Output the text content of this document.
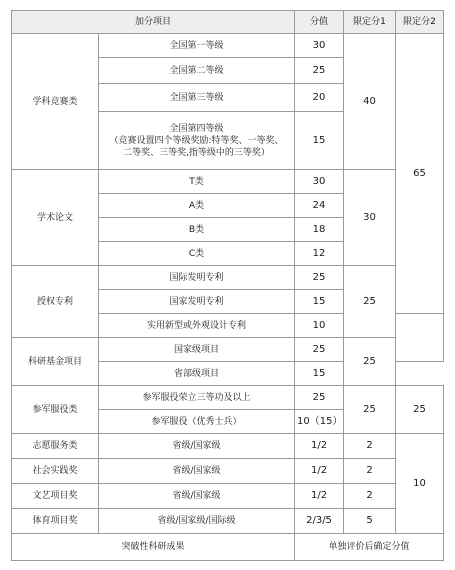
加分项目		分值	限定分1	限定分2
学科竞赛类	全国第一等级	30	40	65
	全国第二等级	25		
	全国第三等级	20		
	全国第四等级
（竞赛设置四个等级奖励:特等奖、一等奖、
二等奖、三等奖,指等级中的三等奖）	15		
学术论文	T类	30	30	
	A类	24		
	B类	18		
	C类	12		
授权专利	国际发明专利	25	25	
	国家发明专利	15		
	实用新型或外观设计专利	10		
科研基金项目	国家级项目	25	25	
	省部级项目	15		
参军服役类	参军服役荣立三等功及以上	25	25	25
	参军服役（优秀士兵）	10（15）		
志愿服务类	省级/国家级	1/2	2	10
社会实践奖	省级/国家级	1/2	2	
文艺项目奖	省级/国家级	1/2	2	
体育项目奖	省级/国家级/国际级	2/3/5	5	
突破性科研成果		单独评价后确定分值		
